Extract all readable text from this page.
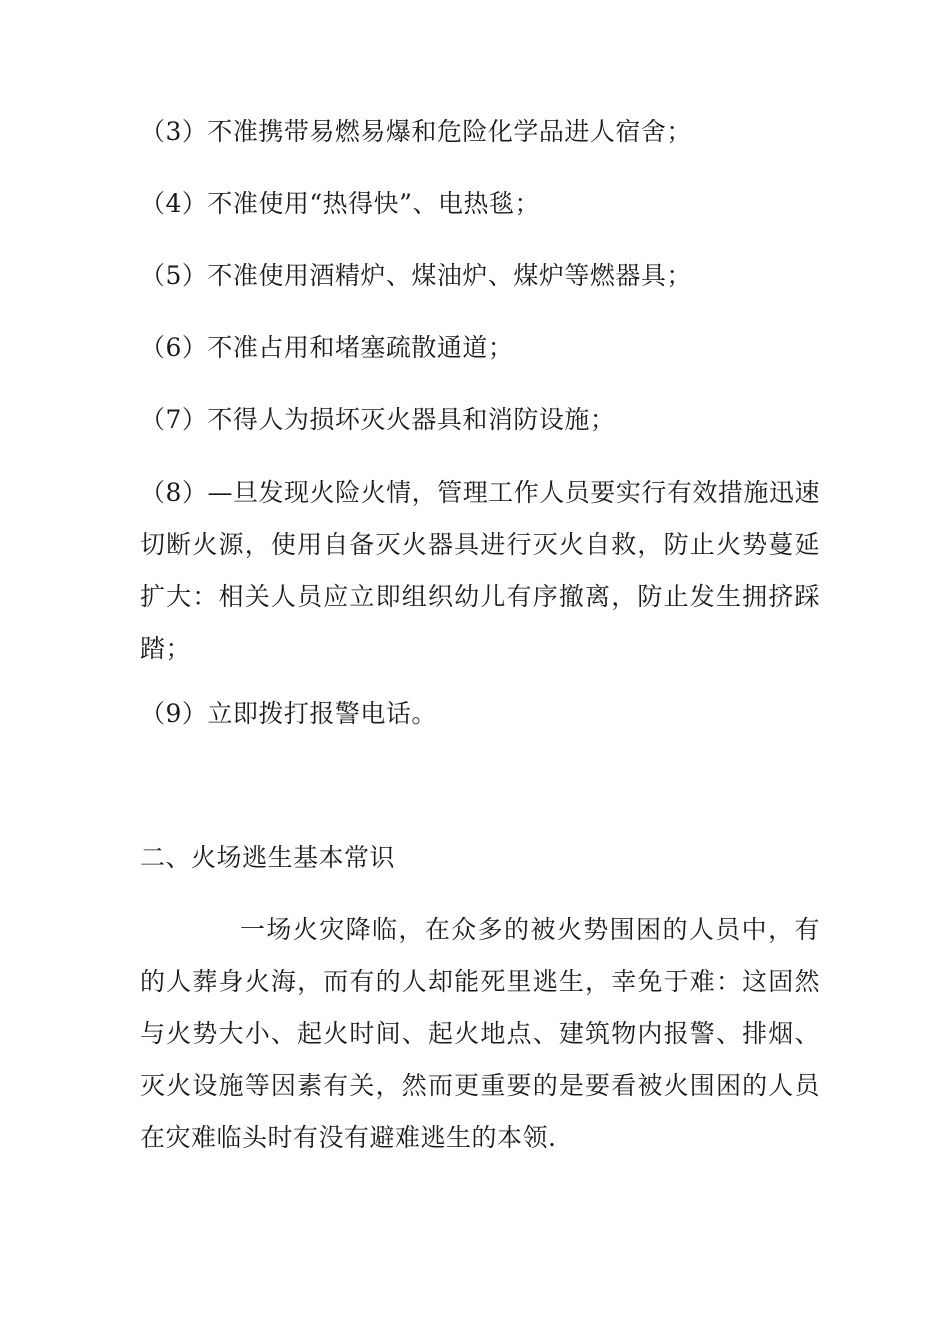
（3）不准携带易燃易爆和危险化学品进人宿舍；
（4）不准使用“热得快”、电热毯；
（5）不准使用酒精炉、煤油炉、煤炉等燃器具；
（6）不准占用和堵塞疏散通道；
（7）不得人为损坏灭火器具和消防设施；
（8）—旦发现火险火情，管理工作人员要实行有效措施迅速切断火源，使用自备灭火器具进行灭火自救，防止火势蔓延扩大：相关人员应立即组织幼儿有序撤离，防止发生拥挤踩踏；
（9）立即拨打报警电话。
二、火场逃生基本常识
一场火灾降临，在众多的被火势围困的人员中，有的人葬身火海，而有的人却能死里逃生，幸免于难：这固然与火势大小、起火时间、起火地点、建筑物内报警、排烟、灭火设施等因素有关，然而更重要的是要看被火围困的人员在灾难临头时有没有避难逃生的本领.
